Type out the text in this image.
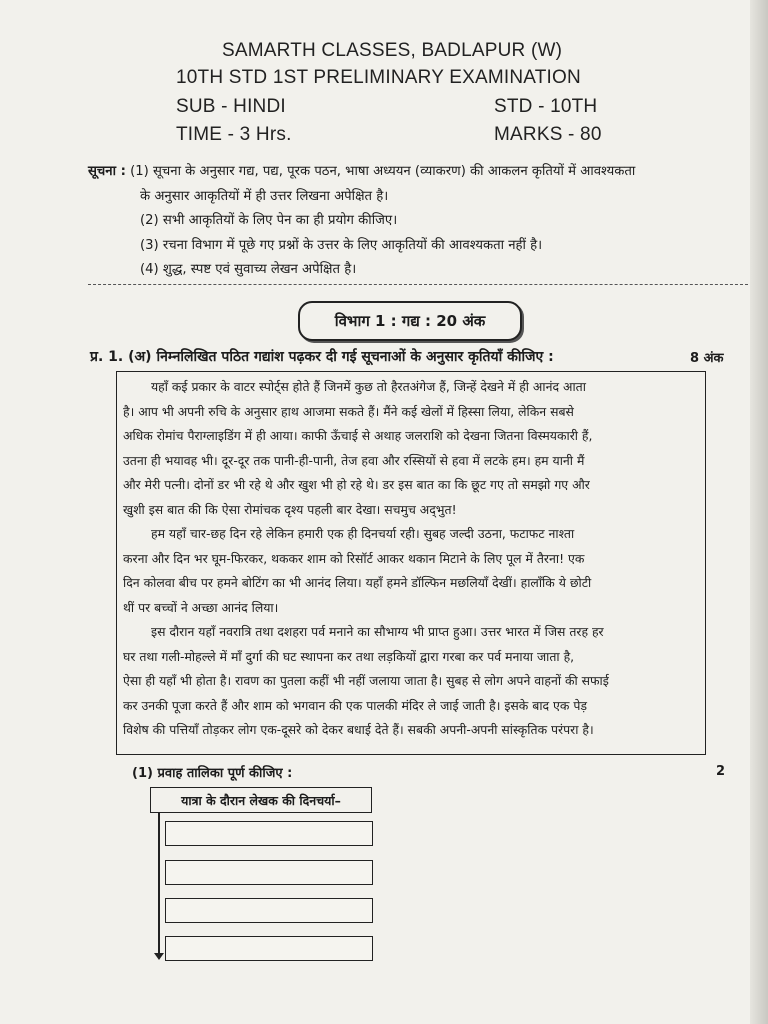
SAMARTH CLASSES, BADLAPUR (W)
10TH STD 1ST PRELIMINARY EXAMINATION
SUB - HINDI	STD - 10TH
TIME - 3 Hrs.	MARKS - 80
सूचना : (1) सूचना के अनुसार गद्य, पद्य, पूरक पठन, भाषा अध्ययन (व्याकरण) की आकलन कृतियों में आवश्यकता
के अनुसार आकृतियों में ही उत्तर लिखना अपेक्षित है।
(2) सभी आकृतियों के लिए पेन का ही प्रयोग कीजिए।
(3) रचना विभाग में पूछे गए प्रश्नों के उत्तर के लिए आकृतियों की आवश्यकता नहीं है।
(4) शुद्ध, स्पष्ट एवं सुवाच्य लेखन अपेक्षित है।
विभाग 1 : गद्य : 20 अंक
प्र. 1. (अ) निम्नलिखित पठित गद्यांश पढ़कर दी गई सूचनाओं के अनुसार कृतियाँ कीजिए :	8 अंक
यहाँ कई प्रकार के वाटर स्पोर्ट्स होते हैं जिनमें कुछ तो हैरतअंगेज हैं, जिन्हें देखने में ही आनंद आता
है। आप भी अपनी रुचि के अनुसार हाथ आजमा सकते हैं। मैंने कई खेलों में हिस्सा लिया, लेकिन सबसे
अधिक रोमांच पैराग्लाइडिंग में ही आया। काफी ऊँचाई से अथाह जलराशि को देखना जितना विस्मयकारी हैं,
उतना ही भयावह भी। दूर-दूर तक पानी-ही-पानी, तेज हवा और रस्सियों से हवा में लटके हम। हम यानी मैं
और मेरी पत्नी। दोनों डर भी रहे थे और खुश भी हो रहे थे। डर इस बात का कि छूट गए तो समझो गए और
खुशी इस बात की कि ऐसा रोमांचक दृश्य पहली बार देखा। सचमुच अद्‌भुत!
हम यहाँ चार-छह दिन रहे लेकिन हमारी एक ही दिनचर्या रही। सुबह जल्दी उठना, फटाफट नाश्ता
करना और दिन भर घूम-फिरकर, थककर शाम को रिसॉर्ट आकर थकान मिटाने के लिए पूल में तैरना! एक
दिन कोलवा बीच पर हमने बोटिंग का भी आनंद लिया। यहाँ हमने डॉल्फिन मछलियाँ देखीं। हालाँकि ये छोटी
थीं पर बच्चों ने अच्छा आनंद लिया।
इस दौरान यहाँ नवरात्रि तथा दशहरा पर्व मनाने का सौभाग्य भी प्राप्त हुआ। उत्तर भारत में जिस तरह हर
घर तथा गली-मोहल्ले में माँ दुर्गा की घट स्थापना कर तथा लड़कियों द्वारा गरबा कर पर्व मनाया जाता है,
ऐसा ही यहाँ भी होता है। रावण का पुतला कहीं भी नहीं जलाया जाता है। सुबह से लोग अपने वाहनों की सफाई
कर उनकी पूजा करते हैं और शाम को भगवान की एक पालकी मंदिर ले जाई जाती है। इसके बाद एक पेड़
विशेष की पत्तियाँ तोड़कर लोग एक-दूसरे को देकर बधाई देते हैं। सबकी अपनी-अपनी सांस्कृतिक परंपरा है।
(1) प्रवाह तालिका पूर्ण कीजिए :	2
यात्रा के दौरान लेखक की दिनचर्या–
